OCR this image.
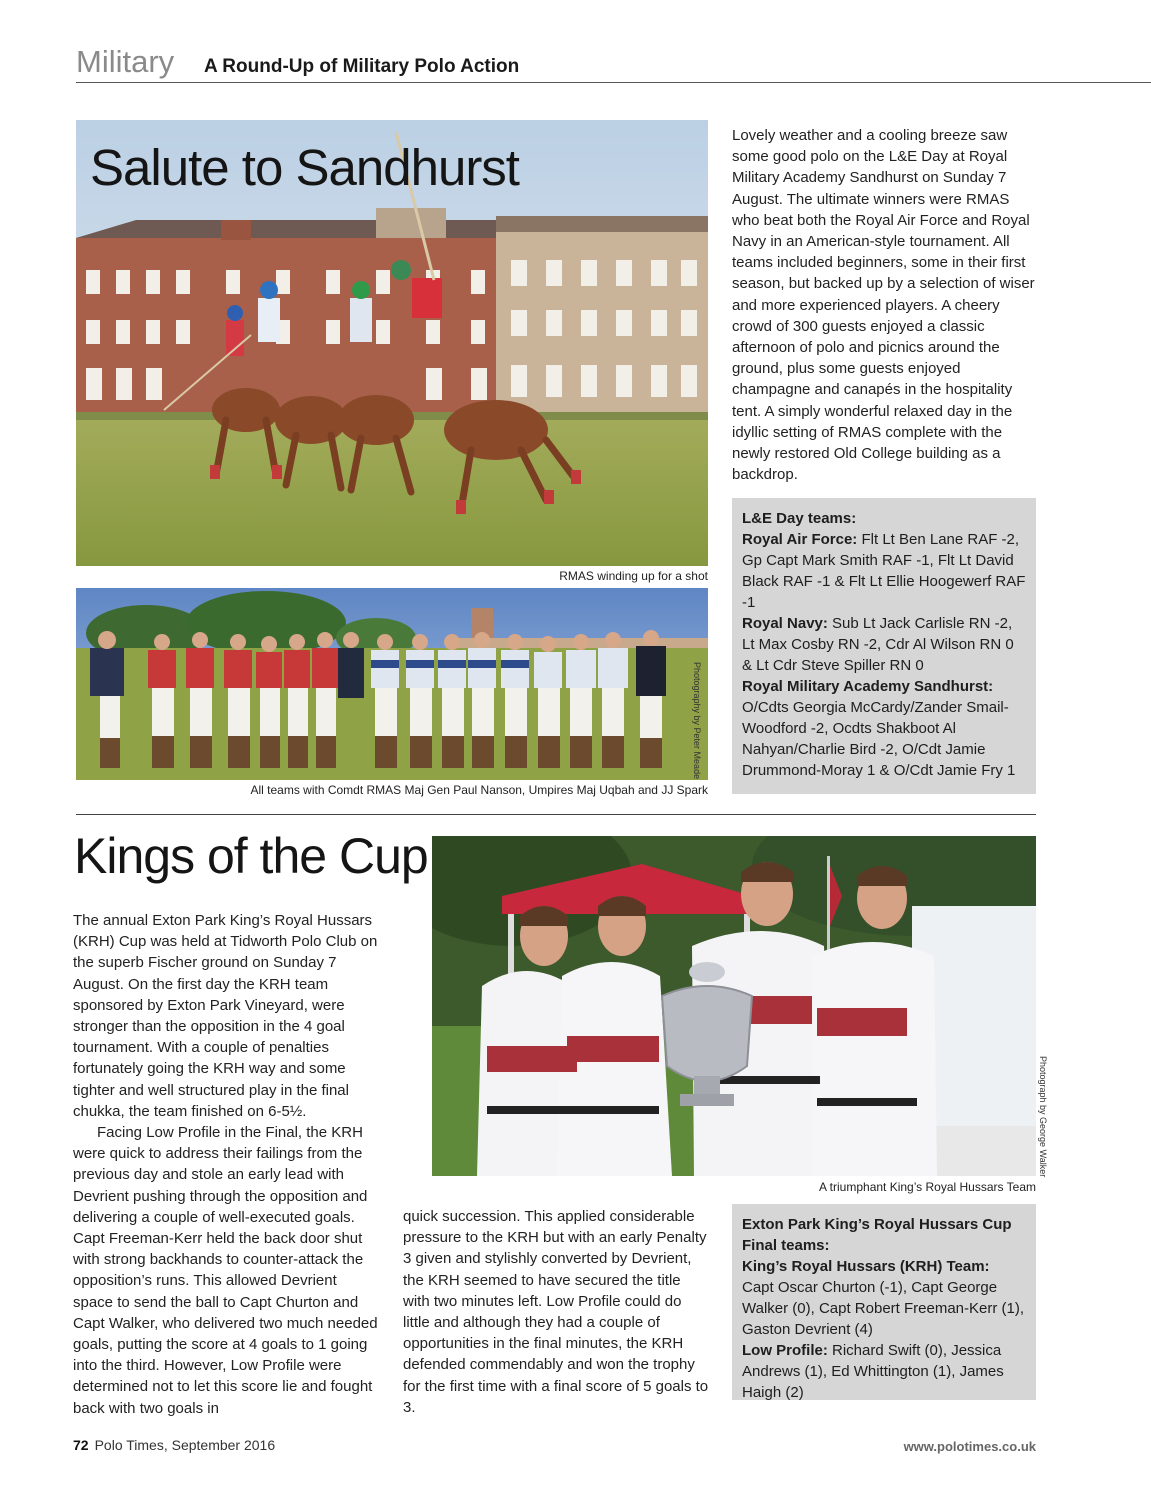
Military A Round-Up of Military Polo Action
Salute to Sandhurst
RMAS winding up for a shot
Photography by Peter Meade
All teams with Comdt RMAS Maj Gen Paul Nanson, Umpires Maj Uqbah and JJ Spark
Lovely weather and a cooling breeze saw some good polo on the L&E Day at Royal Military Academy Sandhurst on Sunday 7 August. The ultimate winners were RMAS who beat both the Royal Air Force and Royal Navy in an American-style tournament. All teams included beginners, some in their first season, but backed up by a selection of wiser and more experienced players. A cheery crowd of 300 guests enjoyed a classic afternoon of polo and picnics around the ground, plus some guests enjoyed champagne and canapés in the hospitality tent. A simply wonderful relaxed day in the idyllic setting of RMAS complete with the newly restored Old College building as a backdrop.
L&E Day teams:
Royal Air Force: Flt Lt Ben Lane RAF -2, Gp Capt Mark Smith RAF -1, Flt Lt David Black RAF -1 & Flt Lt Ellie Hoogewerf RAF -1
Royal Navy: Sub Lt Jack Carlisle RN -2, Lt Max Cosby RN -2, Cdr Al Wilson RN 0 & Lt Cdr Steve Spiller RN 0
Royal Military Academy Sandhurst: O/Cdts Georgia McCardy/Zander Smail-Woodford -2, Ocdts Shakboot Al Nahyan/Charlie Bird -2, O/Cdt Jamie Drummond-Moray 1 & O/Cdt Jamie Fry 1
Kings of the Cup

The annual Exton Park King’s Royal Hussars (KRH) Cup was held at Tidworth Polo Club on the superb Fischer ground on Sunday 7 August. On the first day the KRH team sponsored by Exton Park Vineyard, were stronger than the opposition in the 4 goal tournament. With a couple of penalties fortunately going the KRH way and some tighter and well structured play in the final chukka, the team finished on 6-5½.

Facing Low Profile in the Final, the KRH were quick to address their failings from the previous day and stole an early lead with Devrient pushing through the opposition and delivering a couple of well-executed goals. Capt Freeman-Kerr held the back door shut with strong backhands to counter-attack the opposition’s runs. This allowed Devrient space to send the ball to Capt Churton and Capt Walker, who delivered two much needed goals, putting the score at 4 goals to 1 going into the third. However, Low Profile were determined not to let this score lie and fought back with two goals in

quick succession. This applied considerable pressure to the KRH but with an early Penalty 3 given and stylishly converted by Devrient, the KRH seemed to have secured the title with two minutes left. Low Profile could do little and although they had a couple of opportunities in the final minutes, the KRH defended commendably and won the trophy for the first time with a final score of 5 goals to 3.

Photograph by George Walker
A triumphant King’s Royal Hussars Team
Exton Park King’s Royal Hussars Cup Final teams:
King’s Royal Hussars (KRH) Team:
Capt Oscar Churton (-1), Capt George Walker (0), Capt Robert Freeman-Kerr (1), Gaston Devrient (4)
Low Profile: Richard Swift (0), Jessica Andrews (1), Ed Whittington (1), James Haigh (2)
72 Polo Times, September 2016	www.polotimes.co.uk
